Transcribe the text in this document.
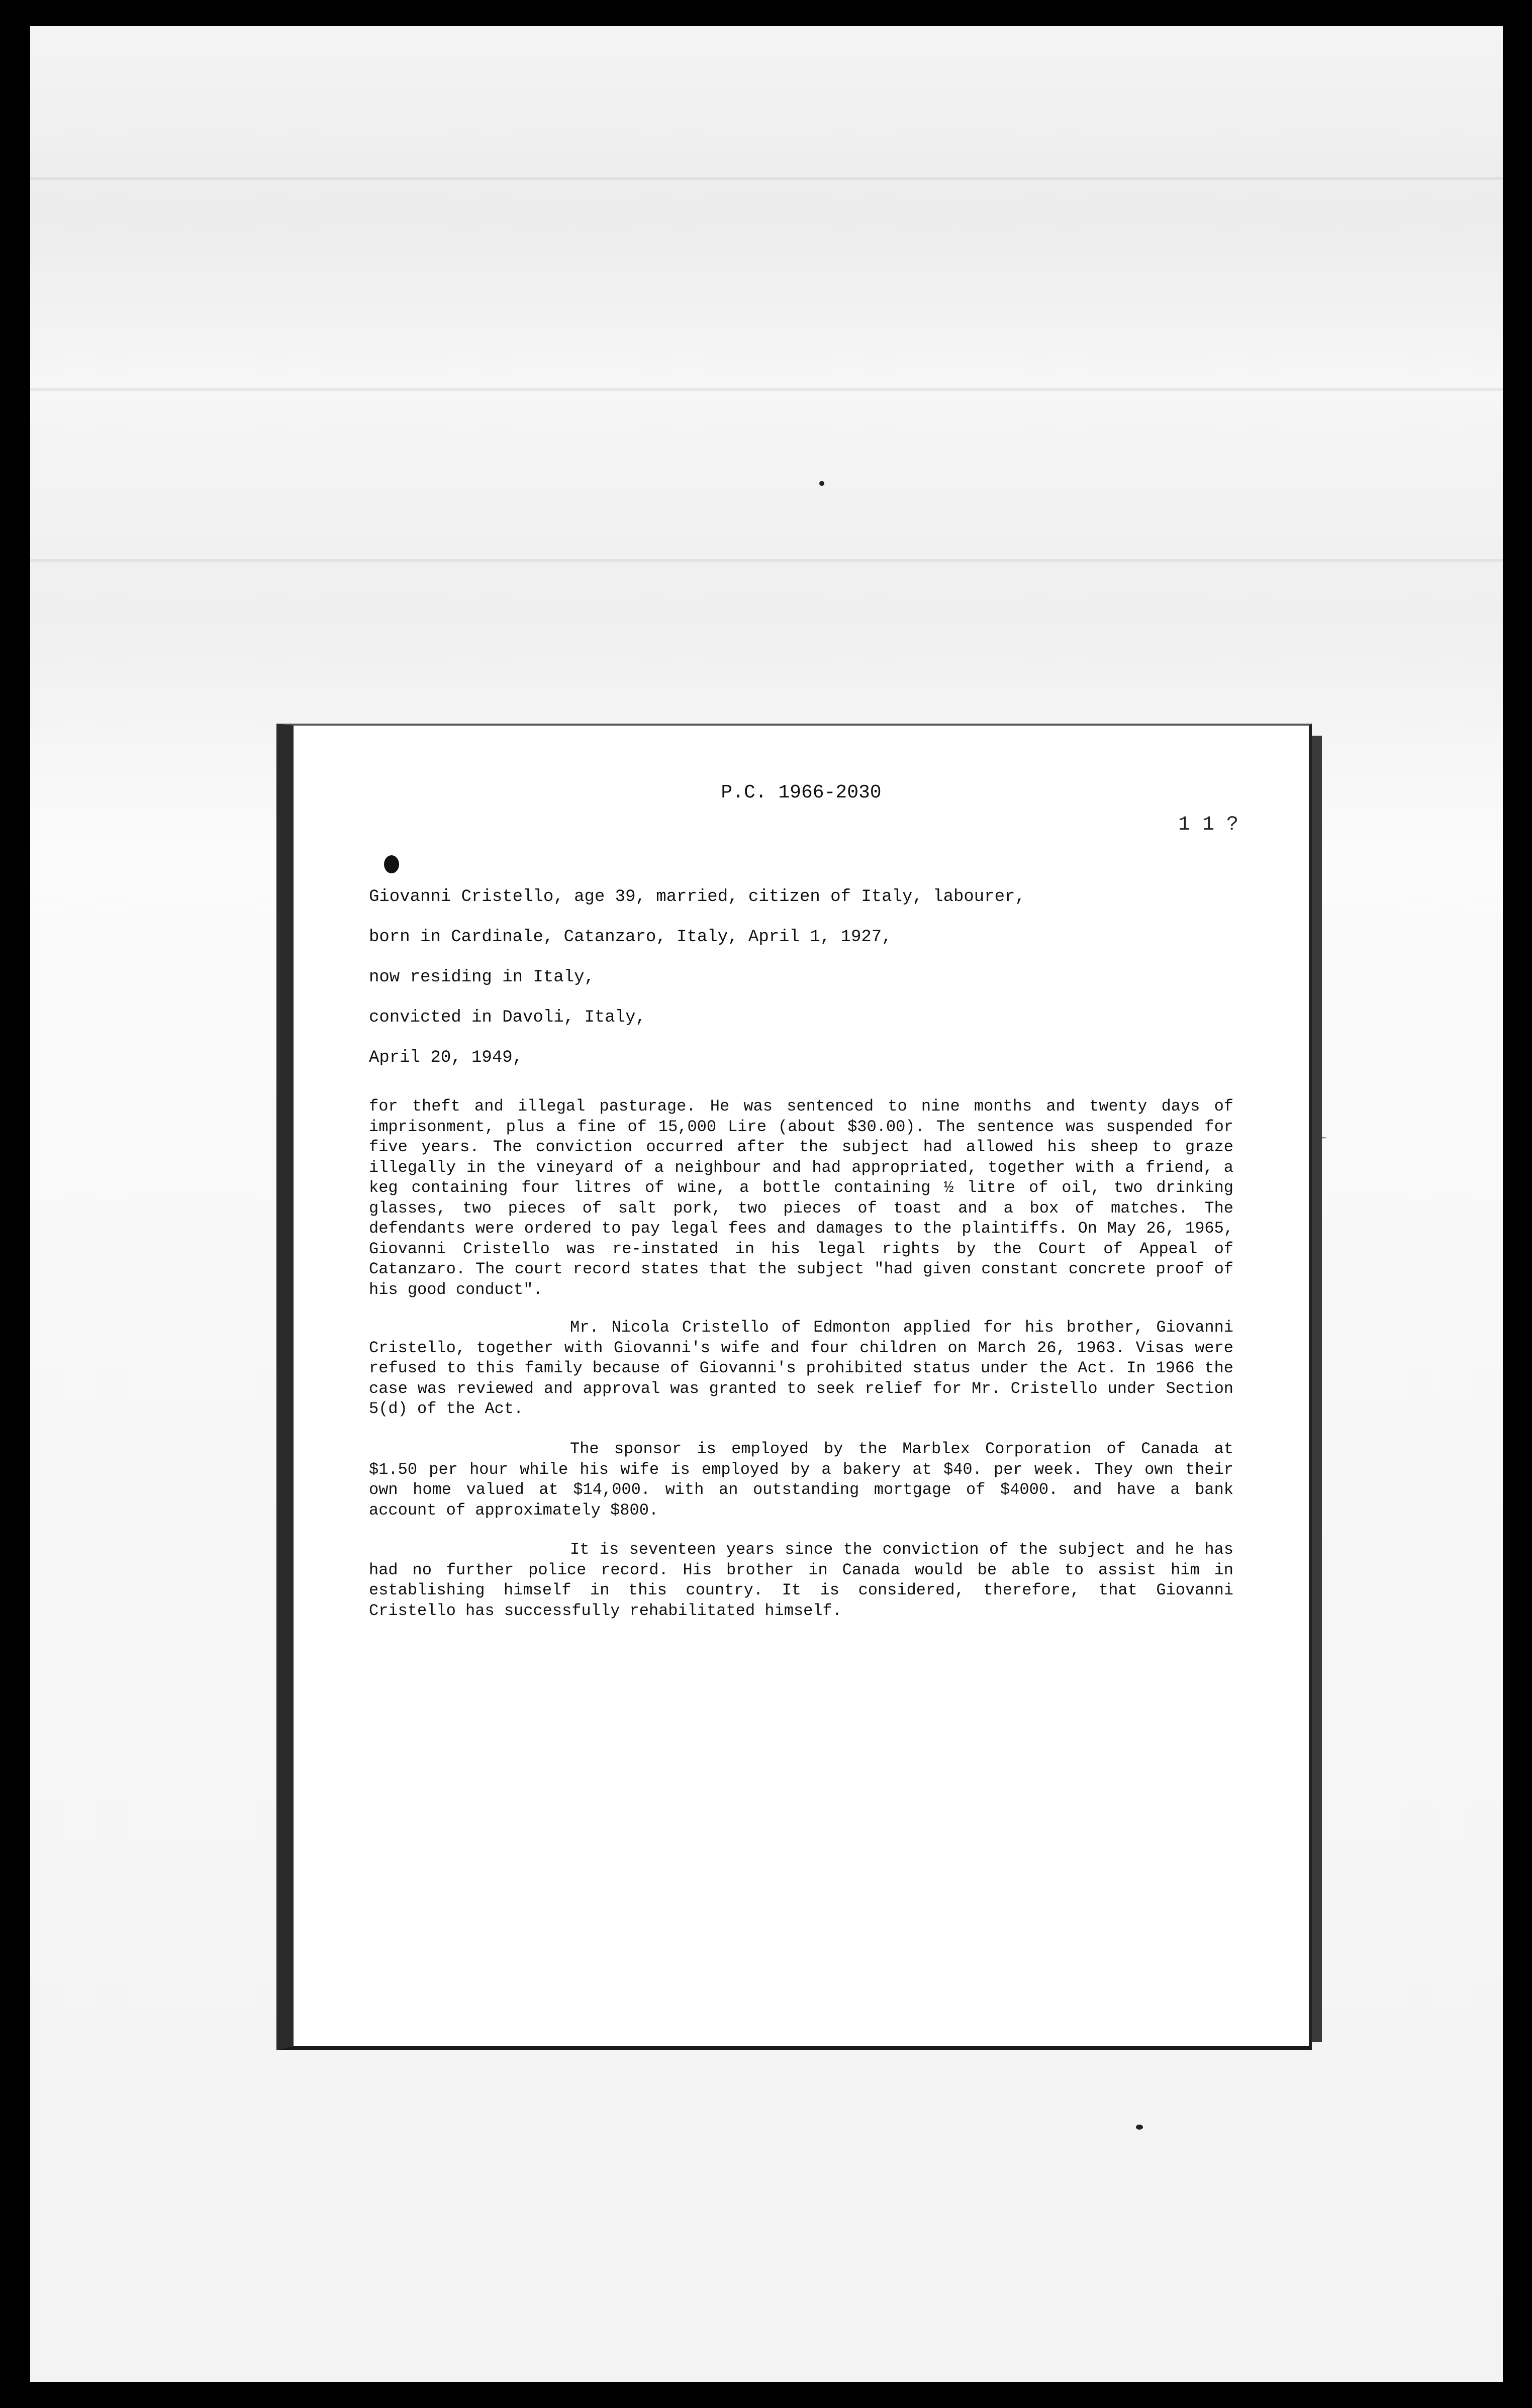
P.C. 1966-2030
1 1 ?
Giovanni Cristello, age 39, married, citizen of Italy, labourer,
born in Cardinale, Catanzaro, Italy, April 1, 1927,
now residing in Italy,
convicted in Davoli, Italy,
April 20, 1949,
for theft and illegal pasturage. He was sentenced to nine months and twenty days of imprisonment, plus a fine of 15,000 Lire (about $30.00). The sentence was suspended for five years. The conviction occurred after the subject had allowed his sheep to graze illegally in the vineyard of a neighbour and had appropriated, together with a friend, a keg containing four litres of wine, a bottle containing ½ litre of oil, two drinking glasses, two pieces of salt pork, two pieces of toast and a box of matches. The defendants were ordered to pay legal fees and damages to the plaintiffs. On May 26, 1965, Giovanni Cristello was re-instated in his legal rights by the Court of Appeal of Catanzaro. The court record states that the subject "had given constant concrete proof of his good conduct".
Mr. Nicola Cristello of Edmonton applied for his brother, Giovanni Cristello, together with Giovanni's wife and four children on March 26, 1963. Visas were refused to this family because of Giovanni's prohibited status under the Act. In 1966 the case was reviewed and approval was granted to seek relief for Mr. Cristello under Section 5(d) of the Act.
The sponsor is employed by the Marblex Corporation of Canada at $1.50 per hour while his wife is employed by a bakery at $40. per week. They own their own home valued at $14,000. with an outstanding mortgage of $4000. and have a bank account of approximately $800.
It is seventeen years since the conviction of the subject and he has had no further police record. His brother in Canada would be able to assist him in establishing himself in this country. It is considered, therefore, that Giovanni Cristello has successfully rehabilitated himself.
